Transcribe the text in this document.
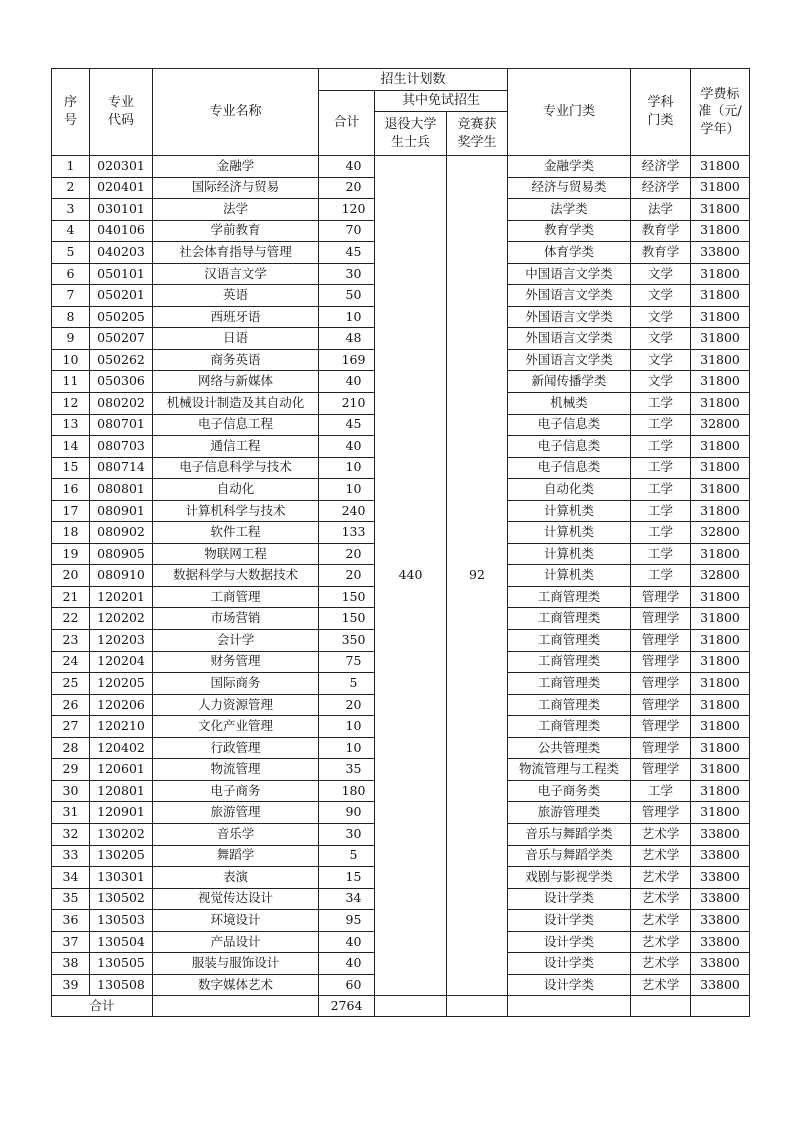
序号	专业代码	专业名称	招生计划数			专业门类	学科门类	学费标准（元/学年）
			合计	其中免试招生				
				退役大学生士兵	竞赛获奖学生			
1	020301	金融学	40	440	92	金融学类	经济学	31800
2	020401	国际经济与贸易	20			经济与贸易类	经济学	31800
3	030101	法学	120			法学类	法学	31800
4	040106	学前教育	70			教育学类	教育学	31800
5	040203	社会体育指导与管理	45			体育学类	教育学	33800
6	050101	汉语言文学	30			中国语言文学类	文学	31800
7	050201	英语	50			外国语言文学类	文学	31800
8	050205	西班牙语	10			外国语言文学类	文学	31800
9	050207	日语	48			外国语言文学类	文学	31800
10	050262	商务英语	169			外国语言文学类	文学	31800
11	050306	网络与新媒体	40			新闻传播学类	文学	31800
12	080202	机械设计制造及其自动化	210			机械类	工学	31800
13	080701	电子信息工程	45			电子信息类	工学	32800
14	080703	通信工程	40			电子信息类	工学	31800
15	080714	电子信息科学与技术	10			电子信息类	工学	31800
16	080801	自动化	10			自动化类	工学	31800
17	080901	计算机科学与技术	240			计算机类	工学	31800
18	080902	软件工程	133			计算机类	工学	32800
19	080905	物联网工程	20			计算机类	工学	31800
20	080910	数据科学与大数据技术	20			计算机类	工学	32800
21	120201	工商管理	150			工商管理类	管理学	31800
22	120202	市场营销	150			工商管理类	管理学	31800
23	120203	会计学	350			工商管理类	管理学	31800
24	120204	财务管理	75			工商管理类	管理学	31800
25	120205	国际商务	5			工商管理类	管理学	31800
26	120206	人力资源管理	20			工商管理类	管理学	31800
27	120210	文化产业管理	10			工商管理类	管理学	31800
28	120402	行政管理	10			公共管理类	管理学	31800
29	120601	物流管理	35			物流管理与工程类	管理学	31800
30	120801	电子商务	180			电子商务类	工学	31800
31	120901	旅游管理	90			旅游管理类	管理学	31800
32	130202	音乐学	30			音乐与舞蹈学类	艺术学	33800
33	130205	舞蹈学	5			音乐与舞蹈学类	艺术学	33800
34	130301	表演	15			戏剧与影视学类	艺术学	33800
35	130502	视觉传达设计	34			设计学类	艺术学	33800
36	130503	环境设计	95			设计学类	艺术学	33800
37	130504	产品设计	40			设计学类	艺术学	33800
38	130505	服装与服饰设计	40			设计学类	艺术学	33800
39	130508	数字媒体艺术	60			设计学类	艺术学	33800
合计			2764					
